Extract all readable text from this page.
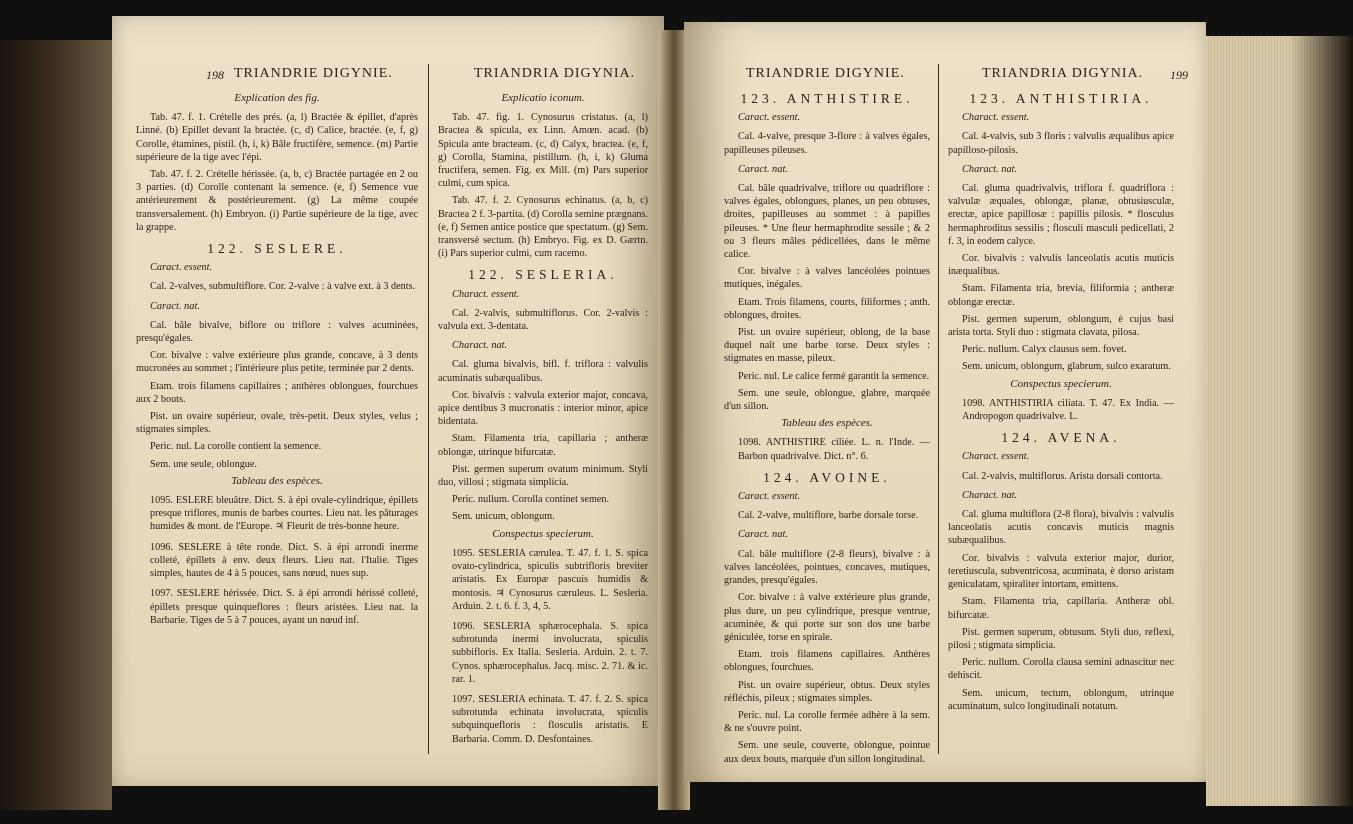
198 TRIANDRIE DIGYNIE.	TRIANDRIA DIGYNIA.
Explication des fig.
Tab. 47. f. 1. Crételle des prés. (a, l) Bractée & épillet, d'après Linné. (b) Epillet devant la bractée. (c, d) Calice, bractée. (e, f, g) Corolle, étamines, pistil. (h, i, k) Bâle fructifère, semence. (m) Partie supérieure de la tige avec l'épi.
Tab. 47. f. 2. Crételle hérissée. (a, b, c) Bractée partagée en 2 ou 3 parties. (d) Corolle contenant la semence. (e, f) Semence vue antérieurement & postérieurement. (g) La même coupée transversalement. (h) Embryon. (i) Partie supérieure de la tige, avec la grappe.
122. SESLERE.
Caract. essent.
Cal. 2-valves, submultiflore. Cor. 2-valve : à valve ext. à 3 dents.
Caract. nat.
Cal. bâle bivalve, biflore ou triflore : valves acuminées, presqu'égales.
Cor. bivalve : valve extérieure plus grande, concave, à 3 dents mucronées au sommet ; l'intérieure plus petite, terminée par 2 dents.
Etam. trois filamens capillaires ; anthères oblongues, fourchues aux 2 bouts.
Pist. un ovaire supérieur, ovale, très-petit. Deux styles, velus ; stigmates simples.
Peric. nul. La corolle contient la semence.
Sem. une seule, oblongue.
Tableau des espèces.
1095. ESLERE bleuâtre. Dict. S. à épi ovale-cylindrique, épillets presque triflores, munis de barbes courtes. Lieu nat. les pâturages humides & mont. de l'Europe. ♃ Fleurit de très-bonne heure.
1096. SESLERE à tête ronde. Dict. S. à épi arrondi inerme colleté, épillets à env. deux fleurs. Lieu nat. l'Italie. Tiges simples, hautes de 4 à 5 pouces, sans nœud, nues sup.
1097. SESLERE hérissée. Dict. S. à épi arrondi hérissé colleté, épillets presque quinqueflores : fleurs aristées. Lieu nat. la Barbarie. Tiges de 5 à 7 pouces, ayant un nœud inf.
Explicatio iconum.
Tab. 47. fig. 1. Cynosurus cristatus. (a, l) Bractea & spicula, ex Linn. Amœn. acad. (b) Spicula ante bracteam. (c, d) Calyx, bractea. (e, f, g) Corolla, Stamina, pistillum. (h, i, k) Gluma fructifera, semen. Fig. ex Mill. (m) Pars superior culmi, cum spica.
Tab. 47. f. 2. Cynosurus echinatus. (a, b, c) Bractea 2 f. 3-partita. (d) Corolla semine prægnans. (e, f) Semen antice postice que spectatum. (g) Sem. transversè sectum. (h) Embryo. Fig. ex D. Gærtn. (i) Pars superior culmi, cum racemo.
122. SESLERIA.
Charact. essent.
Cal. 2-valvis, submultiflorus. Cor. 2-valvis : valvula ext. 3-dentata.
Charact. nat.
Cal. gluma bivalvis, bifl. f. triflora : valvulis acuminatis subæqualibus.
Cor. bivalvis : valvula exterior major, concava, apice dentibus 3 mucronatis : interior minor, apice bidentata.
Stam. Filamenta tria, capillaria ; antheræ oblongæ, utrinque bifurcatæ.
Pist. germen superum ovatum minimum. Styli duo, villosi ; stigmata simplicia.
Peric. nullum. Corolla continet semen.
Sem. unicum, oblongum.
Conspectus specierum.
1095. SESLERIA cærulea. T. 47. f. 1. S. spica ovato-cylindrica, spiculis subtrifloris breviter aristatis. Ex Europæ pascuis humidis & montosis. ♃ Cynosurus cæruleus. L. Sesleria. Arduin. 2. t. 6. f. 3, 4, 5.
1096. SESLERIA sphærocephala. S. spica subrotunda inermi involucrata, spiculis subbifloris. Ex Italia. Sesleria. Arduin. 2. t. 7. Cynos. sphærocephalus. Jacq. misc. 2. 71. & ic. rar. 1.
1097. SESLERIA echinata. T. 47. f. 2. S. spica subrotunda echinata involucrata, spiculis subquinquefloris : flosculis aristatis. E Barbaria. Comm. D. Desfontaines.
TRIANDRIE DIGYNIE.	TRIANDRIA DIGYNIA. 199
123. ANTHISTIRE.
Caract. essent.
Cal. 4-valve, presque 3-flore : à valves égales, papilleuses pileuses.
Caract. nat.
Cal. bâle quadrivalve, triflore ou quadriflore : valves égales, oblongues, planes, un peu obtuses, droites, papilleuses au sommet : à papilles pileuses. * Une fleur hermaphrodite sessile ; & 2 ou 3 fleurs mâles pédicellées, dans le même calice.
Cor. bivalve : à valves lancéolées pointues mutiques, inégales.
Etam. Trois filamens, courts, filiformes ; anth. oblongues, droites.
Pist. un ovaire supérieur, oblong, de la base duquel naît une barbe torse. Deux styles : stigmates en masse, pileux.
Peric. nul. Le calice fermé garantit la semence.
Sem. une seule, oblongue, glabre, marquée d'un sillon.
Tableau des espèces.
1098. ANTHISTIRE ciliée. L. n. l'Inde. — Barbon quadrivalve. Dict. n°. 6.
124. AVOINE.
Caract. essent.
Cal. 2-valve, multiflore, barbe dorsale torse.
Caract. nat.
Cal. bâle multiflore (2-8 fleurs), bivalve : à valves lancéolées, pointues, concaves, mutiques, grandes, presqu'égales.
Cor. bivalve : à valve extérieure plus grande, plus dure, un peu cylindrique, presque ventrue, acuminée, & qui porte sur son dos une barbe géniculée, torse en spirale.
Etam. trois filamens capillaires. Anthères oblongues, fourchues.
Pist. un ovaire supérieur, obtus. Deux styles réfléchis, pileux ; stigmates simples.
Peric. nul. La corolle fermée adhère à la sem. & ne s'ouvre point.
Sem. une seule, couverte, oblongue, pointue aux deux bouts, marquée d'un sillon longitudinal.
123. ANTHISTIRIA.
Charact. essent.
Cal. 4-valvis, sub 3 floris : valvulis æqualibus apice papilloso-pilosis.
Charact. nat.
Cal. gluma quadrivalvis, triflora f. quadriflora : valvulæ æquales, oblongæ, planæ, obtusiusculæ, erectæ, apice papillosæ : papillis pilosis. * flosculus hermaphroditus sessilis ; flosculi masculi pedicellati, 2 f. 3, in eodem calyce.
Cor. bivalvis : valvulis lanceolatis acutis muticis inæqualibus.
Stam. Filamenta tria, brevia, filiformia ; antheræ oblongæ erectæ.
Pist. germen superum, oblongum, è cujus basi arista torta. Styli duo : stigmata clavata, pilosa.
Peric. nullum. Calyx clausus sem. fovet.
Sem. unicum, oblongum, glabrum, sulco exaratum.
Conspectus specierum.
1098. ANTHISTIRIA ciliata. T. 47. Ex India. — Andropogon quadrivalve. L.
124. AVENA.
Charact. essent.
Cal. 2-valvis, multiflorus. Arista dorsali contorta.
Charact. nat.
Cal. gluma multiflora (2-8 flora), bivalvis : valvulis lanceolatis acutis concavis muticis magnis subæqualibus.
Cor. bivalvis : valvula exterior major, durior, teretiuscula, subventricosa, acuminata, è dorso aristam geniculatam, spiraliter intortam, emittens.
Stam. Filamenta tria, capillaria. Antheræ obl. bifurcatæ.
Pist. germen superum, obtusum. Styli duo, reflexi, pilosi ; stigmata simplicia.
Peric. nullum. Corolla clausa semini adnascitur nec dehiscit.
Sem. unicum, tectum, oblongum, utrinque acuminatum, sulco longitudinali notatum.
